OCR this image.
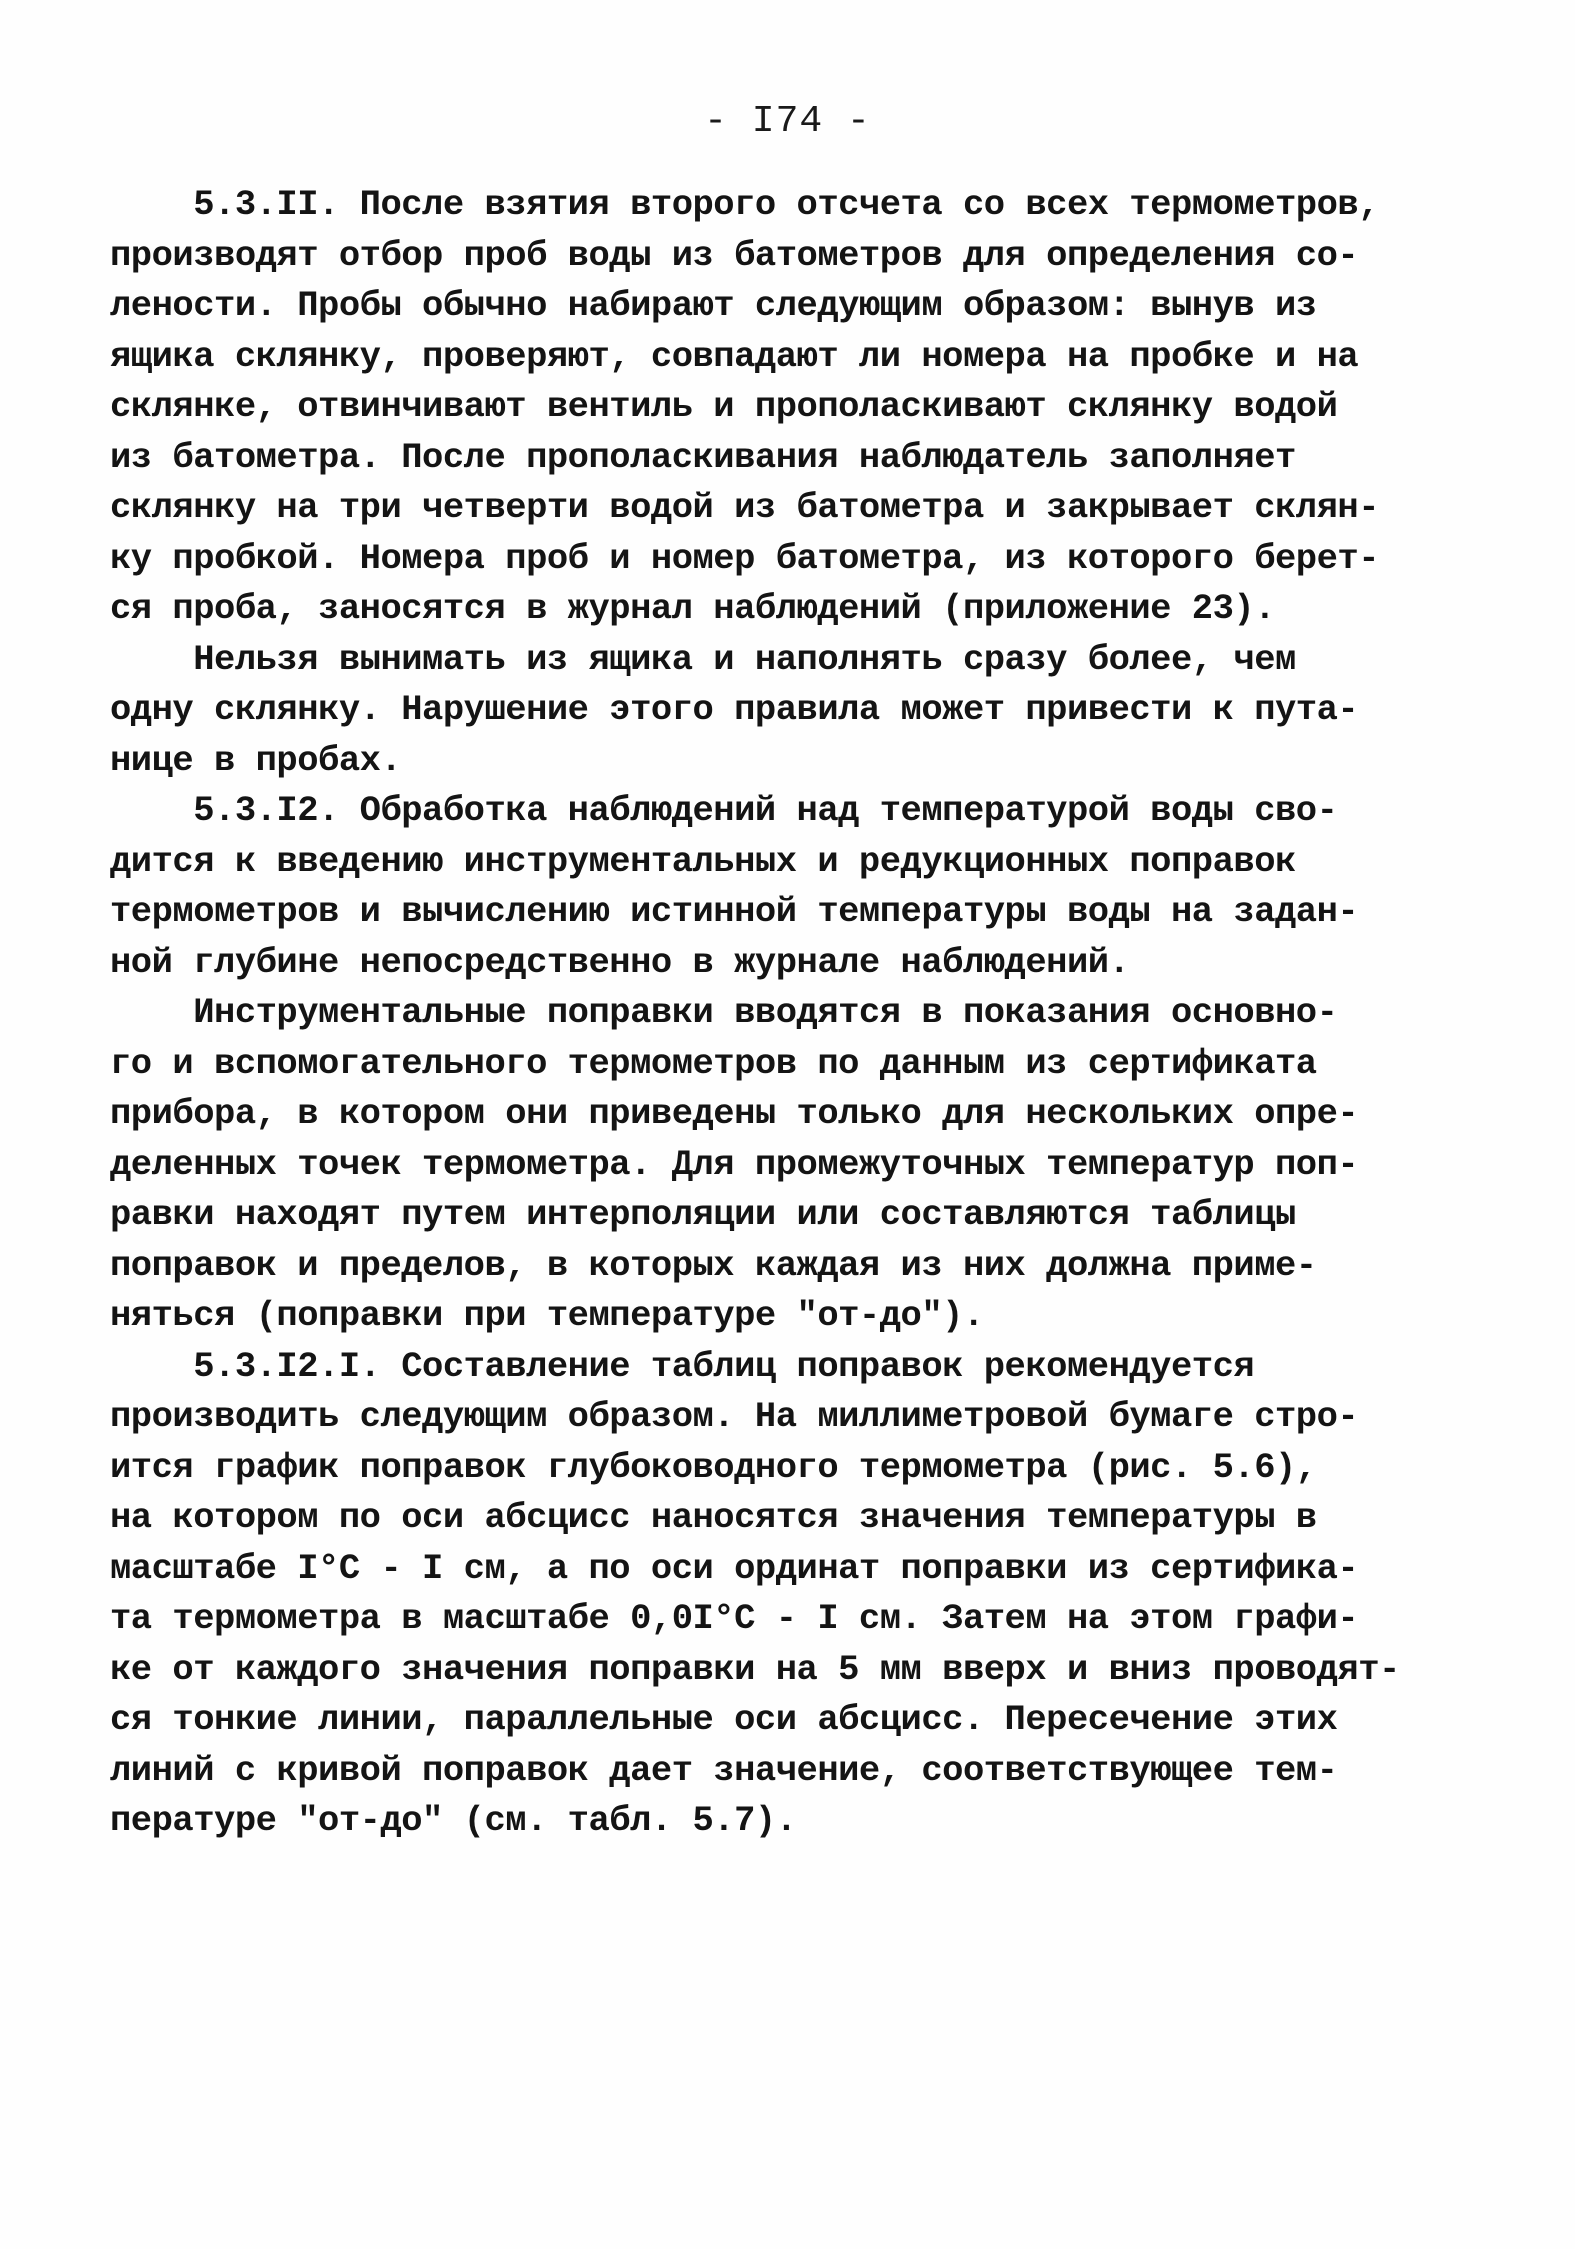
- I74 -
5.3.II. После взятия второго отсчета со всех термометров,
производят отбор проб воды из батометров для определения со-
лености. Пробы обычно набирают следующим образом: вынув из
ящика склянку, проверяют, совпадают ли номера на пробке и на
склянке, отвинчивают вентиль и прополаскивают склянку водой
из батометра. После прополаскивания наблюдатель заполняет
склянку на три четверти водой из батометра и закрывает склян-
ку пробкой. Номера проб и номер батометра, из которого берет-
ся проба, заносятся в журнал наблюдений (приложение 23).
Нельзя вынимать из ящика и наполнять сразу более, чем
одну склянку. Нарушение этого правила может привести к пута-
нице в пробах.
5.3.I2. Обработка наблюдений над температурой воды сво-
дится к введению инструментальных и редукционных поправок
термометров и вычислению истинной температуры воды на задан-
ной глубине непосредственно в журнале наблюдений.
Инструментальные поправки вводятся в показания основно-
го и вспомогательного термометров по данным из сертификата
прибора, в котором они приведены только для нескольких опре-
деленных точек термометра. Для промежуточных температур поп-
равки находят путем интерполяции или составляются таблицы
поправок и пределов, в которых каждая из них должна приме-
няться (поправки при температуре "от-до").
5.3.I2.I. Составление таблиц поправок рекомендуется
производить следующим образом. На миллиметровой бумаге стро-
ится график поправок глубоководного термометра (рис. 5.6),
на котором по оси абсцисс наносятся значения температуры в
масштабе I°C - I см, а по оси ординат поправки из сертифика-
та термометра в масштабе 0,0I°C - I см. Затем на этом графи-
ке от каждого значения поправки на 5 мм вверх и вниз проводят-
ся тонкие линии, параллельные оси абсцисс. Пересечение этих
линий с кривой поправок дает значение, соответствующее тем-
пературе "от-до" (см. табл. 5.7).
